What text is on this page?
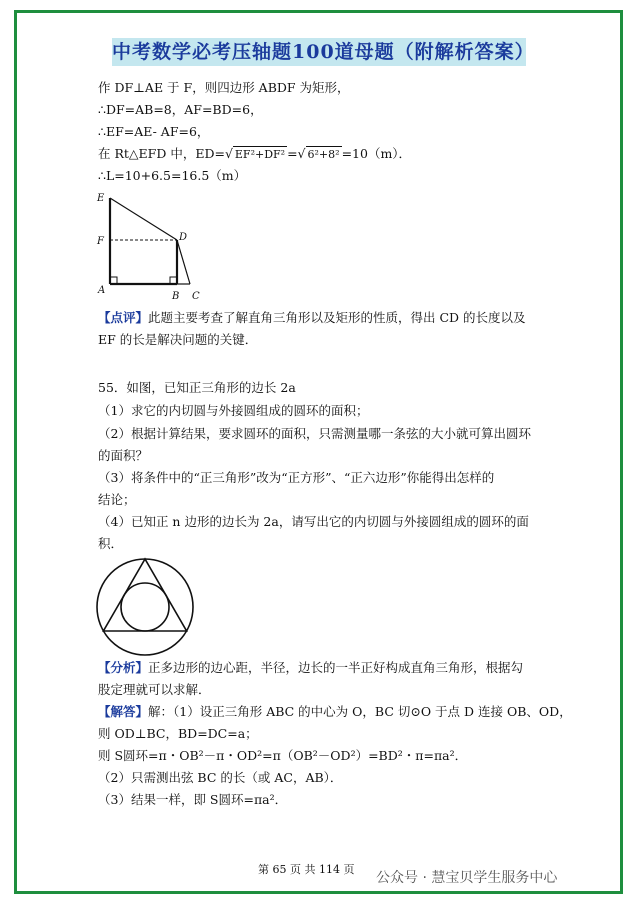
中考数学必考压轴题100道母题（附解析答案）
作 DF⊥AE 于 F，则四边形 ABDF 为矩形，
∴DF=AB=8，AF=BD=6，
∴EF=AE- AF=6，
在 Rt△EFD 中，ED=√ EF²+DF² =√ 6²+8² =10（m）．
∴L=10+6.5=16.5（m）
E
F	D
A
B C
【点评】此题主要考查了解直角三角形以及矩形的性质，得出 CD 的长度以及
EF 的长是解决问题的关键．
55．如图，已知正三角形的边长 2a
（1）求它的内切圆与外接圆组成的圆环的面积；
（2）根据计算结果，要求圆环的面积，只需测量哪一条弦的大小就可算出圆环
的面积？
（3）将条件中的“正三角形”改为“正方形”、“正六边形”你能得出怎样的
结论；
（4）已知正 n 边形的边长为 2a，请写出它的内切圆与外接圆组成的圆环的面
积．
【分析】正多边形的边心距，半径，边长的一半正好构成直角三角形，根据勾
股定理就可以求解．
【解答】解：（1）设正三角形 ABC 的中心为 O，BC 切⊙O 于点 D 连接 OB、OD，
则 OD⊥BC，BD=DC=a；
则 S圆环=π・OB²－π・OD²=π（OB²－OD²）=BD²・π=πa²．
（2）只需测出弦 BC 的长（或 AC，AB）．
（3）结果一样，即 S圆环=πa²．
第 65 页 共 114 页
公众号 · 慧宝贝学生服务中心
